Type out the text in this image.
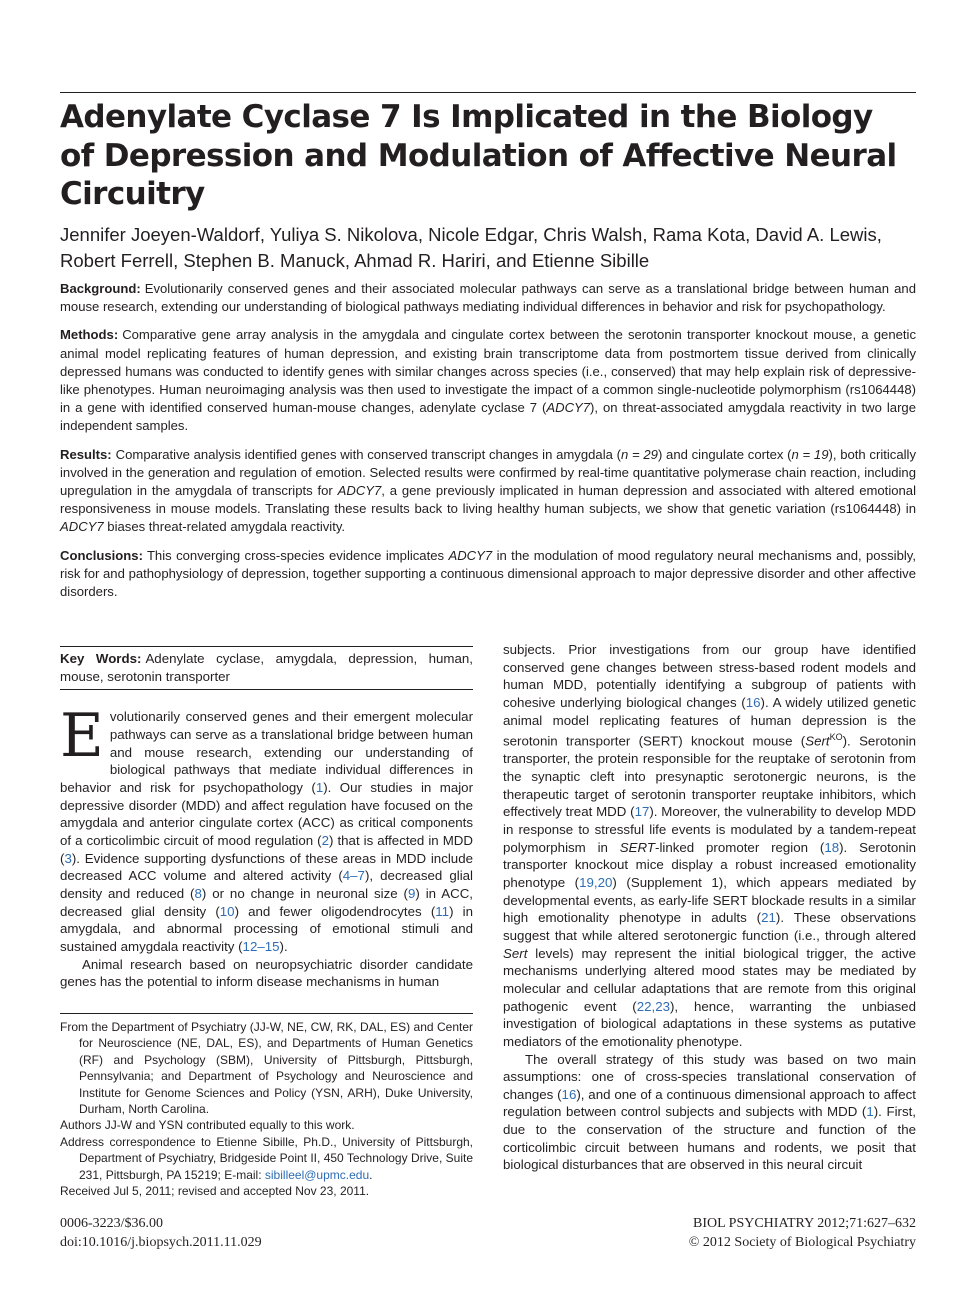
Adenylate Cyclase 7 Is Implicated in the Biology of Depression and Modulation of Affective Neural Circuitry

Jennifer Joeyen-Waldorf, Yuliya S. Nikolova, Nicole Edgar, Chris Walsh, Rama Kota, David A. Lewis, Robert Ferrell, Stephen B. Manuck, Ahmad R. Hariri, and Etienne Sibille

Background: Evolutionarily conserved genes and their associated molecular pathways can serve as a translational bridge between human and mouse research, extending our understanding of biological pathways mediating individual differences in behavior and risk for psychopathology.

Methods: Comparative gene array analysis in the amygdala and cingulate cortex between the serotonin transporter knockout mouse, a genetic animal model replicating features of human depression, and existing brain transcriptome data from postmortem tissue derived from clinically depressed humans was conducted to identify genes with similar changes across species (i.e., conserved) that may help explain risk of depressive-like phenotypes. Human neuroimaging analysis was then used to investigate the impact of a common single-nucleotide polymorphism (rs1064448) in a gene with identified conserved human-mouse changes, adenylate cyclase 7 (ADCY7), on threat-associated amygdala reactivity in two large independent samples.

Results: Comparative analysis identified genes with conserved transcript changes in amygdala (n = 29) and cingulate cortex (n = 19), both critically involved in the generation and regulation of emotion. Selected results were confirmed by real-time quantitative polymerase chain reaction, including upregulation in the amygdala of transcripts for ADCY7, a gene previously implicated in human depression and associated with altered emotional responsiveness in mouse models. Translating these results back to living healthy human subjects, we show that genetic variation (rs1064448) in ADCY7 biases threat-related amygdala reactivity.

Conclusions: This converging cross-species evidence implicates ADCY7 in the modulation of mood regulatory neural mechanisms and, possibly, risk for and pathophysiology of depression, together supporting a continuous dimensional approach to major depressive disorder and other affective disorders.

Key Words: Adenylate cyclase, amygdala, depression, human, mouse, serotonin transporter

Evolutionarily conserved genes and their emergent molecular pathways can serve as a translational bridge between human and mouse research, extending our understanding of biological pathways that mediate individual differences in behavior and risk for psychopathology (1). Our studies in major depressive disorder (MDD) and affect regulation have focused on the amygdala and anterior cingulate cortex (ACC) as critical components of a corticolimbic circuit of mood regulation (2) that is affected in MDD (3). Evidence supporting dysfunctions of these areas in MDD include decreased ACC volume and altered activity (4–7), decreased glial density and reduced (8) or no change in neuronal size (9) in ACC, decreased glial density (10) and fewer oligodendrocytes (11) in amygdala, and abnormal processing of emotional stimuli and sustained amygdala reactivity (12–15).

Animal research based on neuropsychiatric disorder candidate genes has the potential to inform disease mechanisms in human

From the Department of Psychiatry (JJ-W, NE, CW, RK, DAL, ES) and Center for Neuroscience (NE, DAL, ES), and Departments of Human Genetics (RF) and Psychology (SBM), University of Pittsburgh, Pittsburgh, Pennsylvania; and Department of Psychology and Neuroscience and Institute for Genome Sciences and Policy (YSN, ARH), Duke University, Durham, North Carolina.

Authors JJ-W and YSN contributed equally to this work.

Address correspondence to Etienne Sibille, Ph.D., University of Pittsburgh, Department of Psychiatry, Bridgeside Point II, 450 Technology Drive, Suite 231, Pittsburgh, PA 15219; E-mail: sibilleel@upmc.edu.

Received Jul 5, 2011; revised and accepted Nov 23, 2011.

subjects. Prior investigations from our group have identified conserved gene changes between stress-based rodent models and human MDD, potentially identifying a subgroup of patients with cohesive underlying biological changes (16). A widely utilized genetic animal model replicating features of human depression is the serotonin transporter (SERT) knockout mouse (Sert$^{KO}$). Serotonin transporter, the protein responsible for the reuptake of serotonin from the synaptic cleft into presynaptic serotonergic neurons, is the therapeutic target of serotonin transporter reuptake inhibitors, which effectively treat MDD (17). Moreover, the vulnerability to develop MDD in response to stressful life events is modulated by a tandem-repeat polymorphism in SERT-linked promoter region (18). Serotonin transporter knockout mice display a robust increased emotionality phenotype (19,20) (Supplement 1), which appears mediated by developmental events, as early-life SERT blockade results in a similar high emotionality phenotype in adults (21). These observations suggest that while altered serotonergic function (i.e., through altered Sert levels) may represent the initial biological trigger, the active mechanisms underlying altered mood states may be mediated by molecular and cellular adaptations that are remote from this original pathogenic event (22,23), hence, warranting the unbiased investigation of biological adaptations in these systems as putative mediators of the emotionality phenotype.

The overall strategy of this study was based on two main assumptions: one of cross-species translational conservation of changes (16), and one of a continuous dimensional approach to affect regulation between control subjects and subjects with MDD (1). First, due to the conservation of the structure and function of the corticolimbic circuit between humans and rodents, we posit that biological disturbances that are observed in this neural circuit

0006-3223/$36.00
doi:10.1016/j.biopsych.2011.11.029
BIOL PSYCHIATRY 2012;71:627–632
© 2012 Society of Biological Psychiatry
